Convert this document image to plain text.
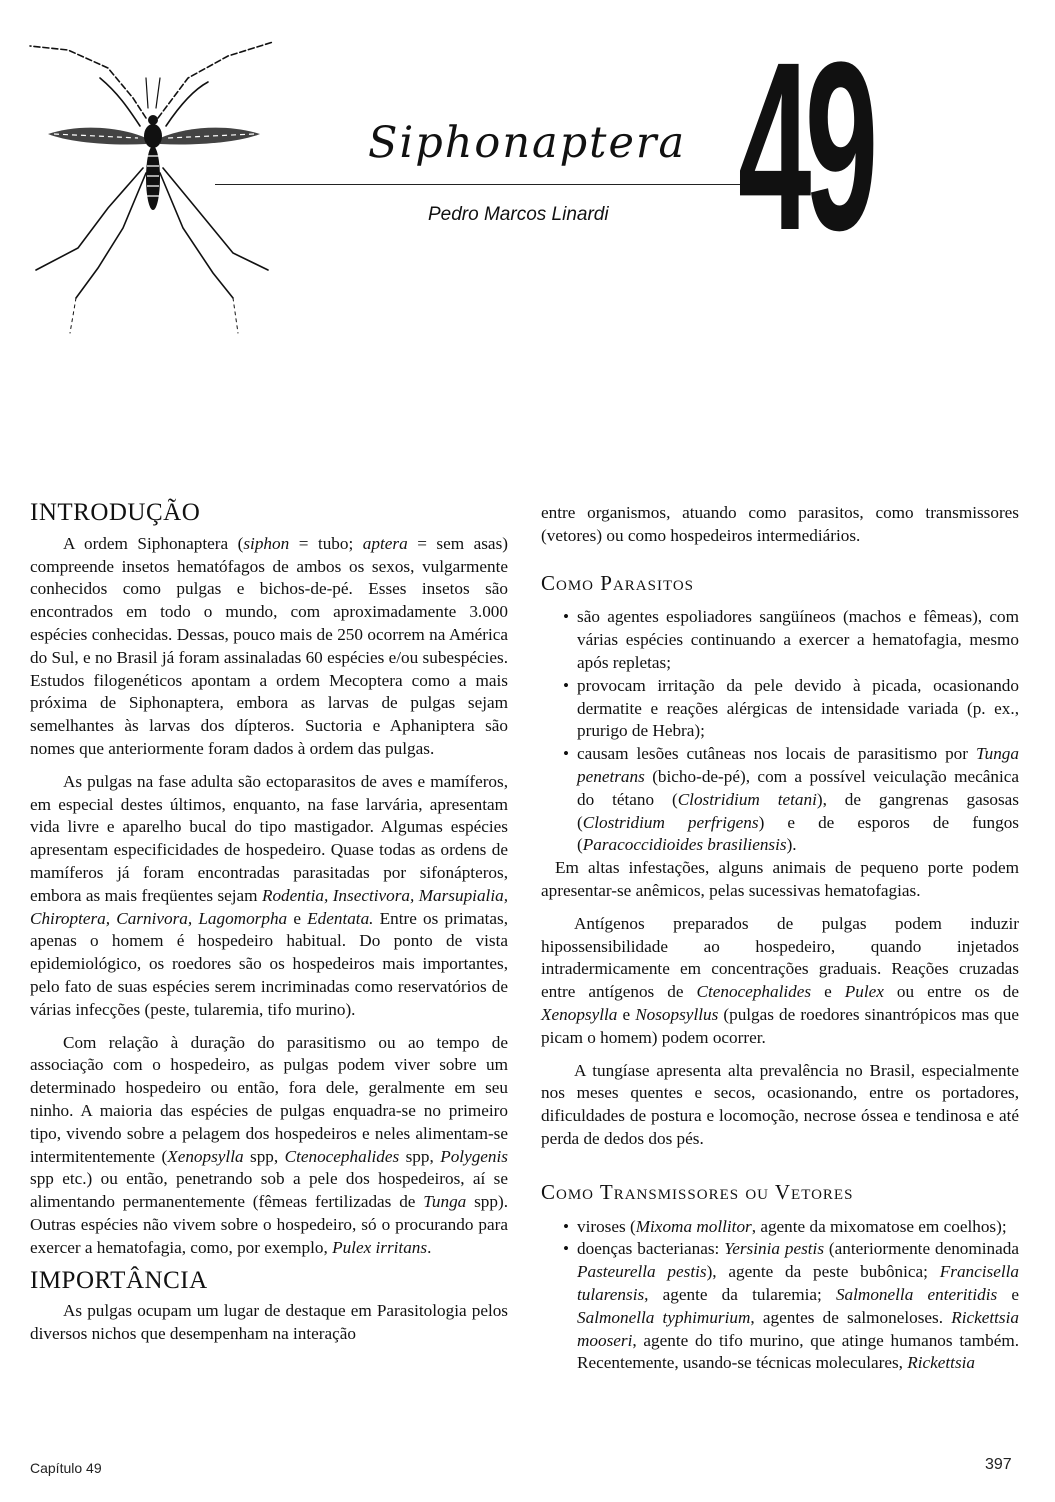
Siphonaptera
Pedro Marcos Linardi 49
INTRODUÇÃO

A ordem Siphonaptera (siphon = tubo; aptera = sem asas) compreende insetos hematófagos de ambos os sexos, vulgarmente conhecidos como pulgas e bichos-de-pé. Esses insetos são encontrados em todo o mundo, com aproximadamente 3.000 espécies conhecidas. Dessas, pouco mais de 250 ocorrem na América do Sul, e no Brasil já foram assinaladas 60 espécies e/ou subespécies. Estudos filogenéticos apontam a ordem Mecoptera como a mais próxima de Siphonaptera, embora as larvas de pulgas sejam semelhantes às larvas dos dípteros. Suctoria e Aphaniptera são nomes que anteriormente foram dados à ordem das pulgas.

As pulgas na fase adulta são ectoparasitos de aves e mamíferos, em especial destes últimos, enquanto, na fase larvária, apresentam vida livre e aparelho bucal do tipo mastigador. Algumas espécies apresentam especificidades de hospedeiro. Quase todas as ordens de mamíferos já foram encontradas parasitadas por sifonápteros, embora as mais freqüentes sejam Rodentia, Insectivora, Marsupialia, Chiroptera, Carnivora, Lagomorpha e Edentata. Entre os primatas, apenas o homem é hospedeiro habitual. Do ponto de vista epidemiológico, os roedores são os hospedeiros mais importantes, pelo fato de suas espécies serem incriminadas como reservatórios de várias infecções (peste, tularemia, tifo murino).

Com relação à duração do parasitismo ou ao tempo de associação com o hospedeiro, as pulgas podem viver sobre um determinado hospedeiro ou então, fora dele, geralmente em seu ninho. A maioria das espécies de pulgas enquadra-se no primeiro tipo, vivendo sobre a pelagem dos hospedeiros e neles alimentam-se intermitentemente (Xenopsylla spp, Ctenocephalides spp, Polygenis spp etc.) ou então, penetrando sob a pele dos hospedeiros, aí se alimentando permanentemente (fêmeas fertilizadas de Tunga spp). Outras espécies não vivem sobre o hospedeiro, só o procurando para exercer a hematofagia, como, por exemplo, Pulex irritans.

IMPORTÂNCIA

As pulgas ocupam um lugar de destaque em Parasitologia pelos diversos nichos que desempenham na interação

entre organismos, atuando como parasitos, como transmissores (vetores) ou como hospedeiros intermediários.

Como Parasitos
• são agentes espoliadores sangüíneos (machos e fêmeas), com várias espécies continuando a exercer a hematofagia, mesmo após repletas;
• provocam irritação da pele devido à picada, ocasionando dermatite e reações alérgicas de intensidade variada (p. ex., prurigo de Hebra);
• causam lesões cutâneas nos locais de parasitismo por Tunga penetrans (bicho-de-pé), com a possível veiculação mecânica do tétano (Clostridium tetani), de gangrenas gasosas (Clostridium perfrigens) e de esporos de fungos (Paracoccidioides brasiliensis).

Em altas infestações, alguns animais de pequeno porte podem apresentar-se anêmicos, pelas sucessivas hematofagias.

Antígenos preparados de pulgas podem induzir hipossensibilidade ao hospedeiro, quando injetados intradermicamente em concentrações graduais. Reações cruzadas entre antígenos de Ctenocephalides e Pulex ou entre os de Xenopsylla e Nosopsyllus (pulgas de roedores sinantrópicos mas que picam o homem) podem ocorrer.

A tungíase apresenta alta prevalência no Brasil, especialmente nos meses quentes e secos, ocasionando, entre os portadores, dificuldades de postura e locomoção, necrose óssea e tendinosa e até perda de dedos dos pés.

Como Transmissores ou Vetores
• viroses (Mixoma mollitor, agente da mixomatose em coelhos);
• doenças bacterianas: Yersinia pestis (anteriormente denominada Pasteurella pestis), agente da peste bubônica; Francisella tularensis, agente da tularemia; Salmonella enteritidis e Salmonella typhimurium, agentes de salmoneloses. Rickettsia mooseri, agente do tifo murino, que atinge humanos também. Recentemente, usando-se técnicas moleculares, Rickettsia
Capítulo 49	397
